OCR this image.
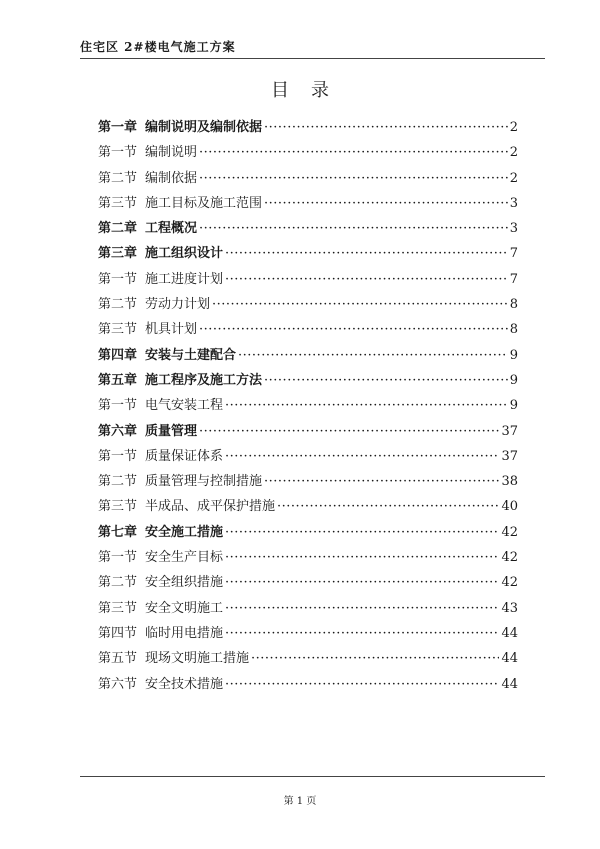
住宅区 2#楼电气施工方案
目录
第一章 编制说明及编制依据 ·····	2
第一节 编制说明 ·····	2
第二节 编制依据 ·····	2
第三节 施工目标及施工范围 ·····	3
第二章 工程概况 ·····	3
第三章 施工组织设计 ·····	7
第一节 施工进度计划 ·····	7
第二节 劳动力计划 ·····	8
第三节 机具计划 ·····	8
第四章 安装与土建配合 ·····	9
第五章 施工程序及施工方法 ·····	9
第一节 电气安装工程 ·····	9
第六章 质量管理 ·····	37
第一节 质量保证体系 ·····	37
第二节 质量管理与控制措施 ·····	38
第三节 半成品、成平保护措施 ·····	40
第七章 安全施工措施 ·····	42
第一节 安全生产目标 ·····	42
第二节 安全组织措施 ·····	42
第三节 安全文明施工 ·····	43
第四节 临时用电措施 ·····	44
第五节 现场文明施工措施 ·····	44
第六节 安全技术措施 ·····	44
第 1 页
